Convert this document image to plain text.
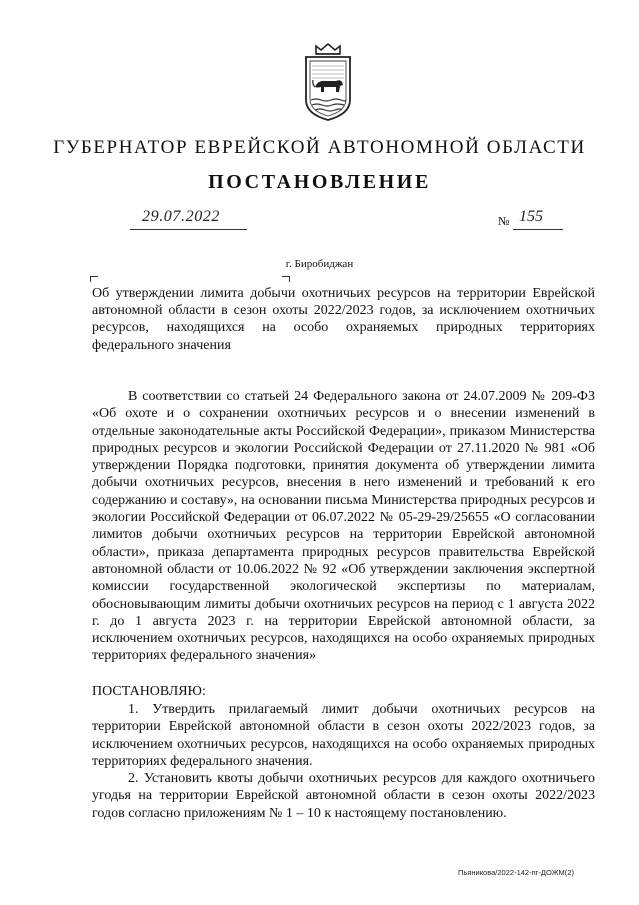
ГУБЕРНАТОР ЕВРЕЙСКОЙ АВТОНОМНОЙ ОБЛАСТИ
ПОСТАНОВЛЕНИЕ
29.07.2022	№ 155
г. Биробиджан
Об утверждении лимита добычи охотничьих ресурсов на территории Еврейской автономной области в сезон охоты 2022/2023 годов, за исключением охотничьих ресурсов, находящихся на особо охраняемых природных территориях федерального значения
В соответствии со статьей 24 Федерального закона от 24.07.2009 № 209-ФЗ «Об охоте и о сохранении охотничьих ресурсов и о внесении изменений в отдельные законодательные акты Российской Федерации», приказом Министерства природных ресурсов и экологии Российской Федерации от 27.11.2020 № 981 «Об утверждении Порядка подготовки, принятия документа об утверждении лимита добычи охотничьих ресурсов, внесения в него изменений и требований к его содержанию и составу», на основании письма Министерства природных ресурсов и экологии Российской Федерации от 06.07.2022 № 05-29-29/25655 «О согласовании лимитов добычи охотничьих ресурсов на территории Еврейской автономной области», приказа департамента природных ресурсов правительства Еврейской автономной области от 10.06.2022 № 92 «Об утверждении заключения экспертной комиссии государственной экологической экспертизы по материалам, обосновывающим лимиты добычи охотничьих ресурсов на период с 1 августа 2022 г. до 1 августа 2023 г. на территории Еврейской автономной области, за исключением охотничьих ресурсов, находящихся на особо охраняемых природных территориях федерального значения»
ПОСТАНОВЛЯЮ:
1. Утвердить прилагаемый лимит добычи охотничьих ресурсов на территории Еврейской автономной области в сезон охоты 2022/2023 годов, за исключением охотничьих ресурсов, находящихся на особо охраняемых природных территориях федерального значения.
2. Установить квоты добычи охотничьих ресурсов для каждого охотничьего угодья на территории Еврейской автономной области в сезон охоты 2022/2023 годов согласно приложениям № 1 – 10 к настоящему постановлению.
Пьяникова/2022-142-пг-ДОЖМ(2)
